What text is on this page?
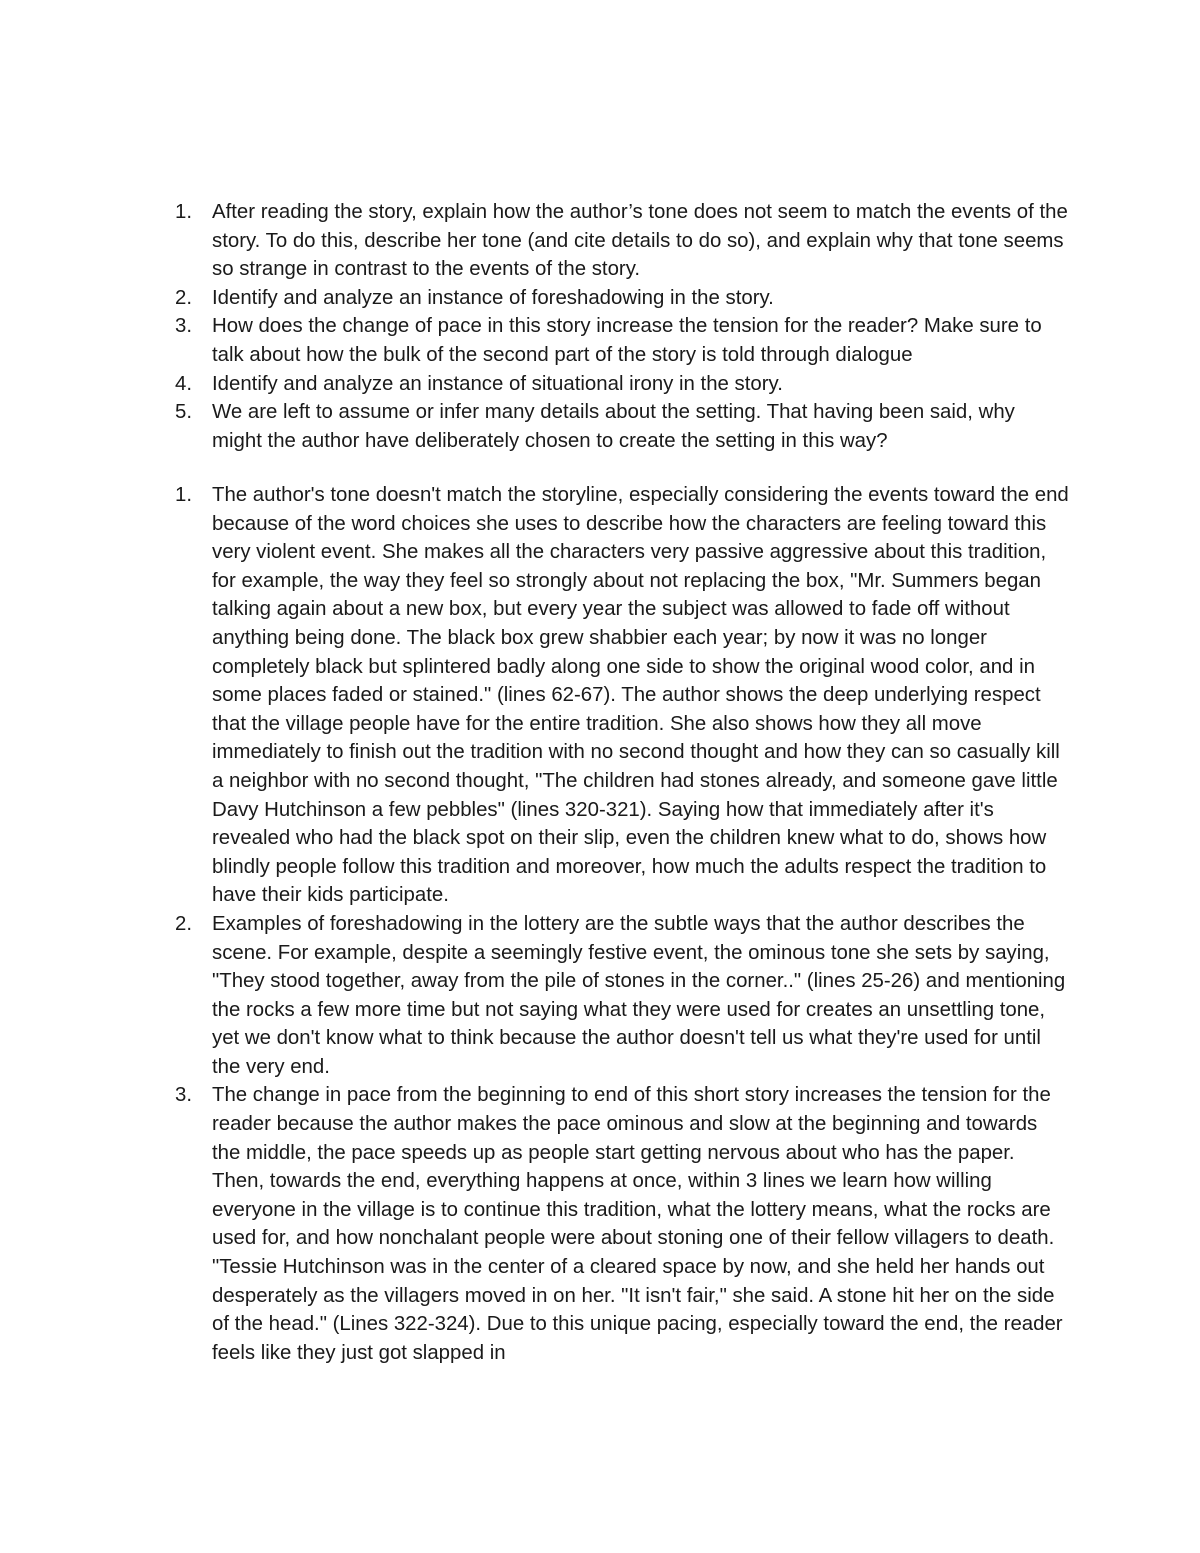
1. After reading the story, explain how the author’s tone does not seem to match the events of the story. To do this, describe her tone (and cite details to do so), and explain why that tone seems so strange in contrast to the events of the story.

2. Identify and analyze an instance of foreshadowing in the story.

3. How does the change of pace in this story increase the tension for the reader? Make sure to talk about how the bulk of the second part of the story is told through dialogue

4. Identify and analyze an instance of situational irony in the story.

5. We are left to assume or infer many details about the setting. That having been said, why might the author have deliberately chosen to create the setting in this way?

1. The author's tone doesn't match the storyline, especially considering the events toward the end because of the word choices she uses to describe how the characters are feeling toward this very violent event. She makes all the characters very passive aggressive about this tradition, for example, the way they feel so strongly about not replacing the box, "Mr. Summers began talking again about a new box, but every year the subject was allowed to fade off without anything being done. The black box grew shabbier each year; by now it was no longer completely black but splintered badly along one side to show the original wood color, and in some places faded or stained." (lines 62-67). The author shows the deep underlying respect that the village people have for the entire tradition. She also shows how they all move immediately to finish out the tradition with no second thought and how they can so casually kill a neighbor with no second thought, "The children had stones already, and someone gave little Davy Hutchinson a few pebbles" (lines 320-321). Saying how that immediately after it's revealed who had the black spot on their slip, even the children knew what to do, shows how blindly people follow this tradition and moreover, how much the adults respect the tradition to have their kids participate.

2. Examples of foreshadowing in the lottery are the subtle ways that the author describes the scene. For example, despite a seemingly festive event, the ominous tone she sets by saying, "They stood together, away from the pile of stones in the corner.." (lines 25-26) and mentioning the rocks a few more time but not saying what they were used for creates an unsettling tone, yet we don't know what to think because the author doesn't tell us what they're used for until the very end.

3. The change in pace from the beginning to end of this short story increases the tension for the reader because the author makes the pace ominous and slow at the beginning and towards the middle, the pace speeds up as people start getting nervous about who has the paper. Then, towards the end, everything happens at once, within 3 lines we learn how willing everyone in the village is to continue this tradition, what the lottery means, what the rocks are used for, and how nonchalant people were about stoning one of their fellow villagers to death. "Tessie Hutchinson was in the center of a cleared space by now, and she held her hands out desperately as the villagers moved in on her. "It isn't fair," she said. A stone hit her on the side of the head." (Lines 322-324). Due to this unique pacing, especially toward the end, the reader feels like they just got slapped in
